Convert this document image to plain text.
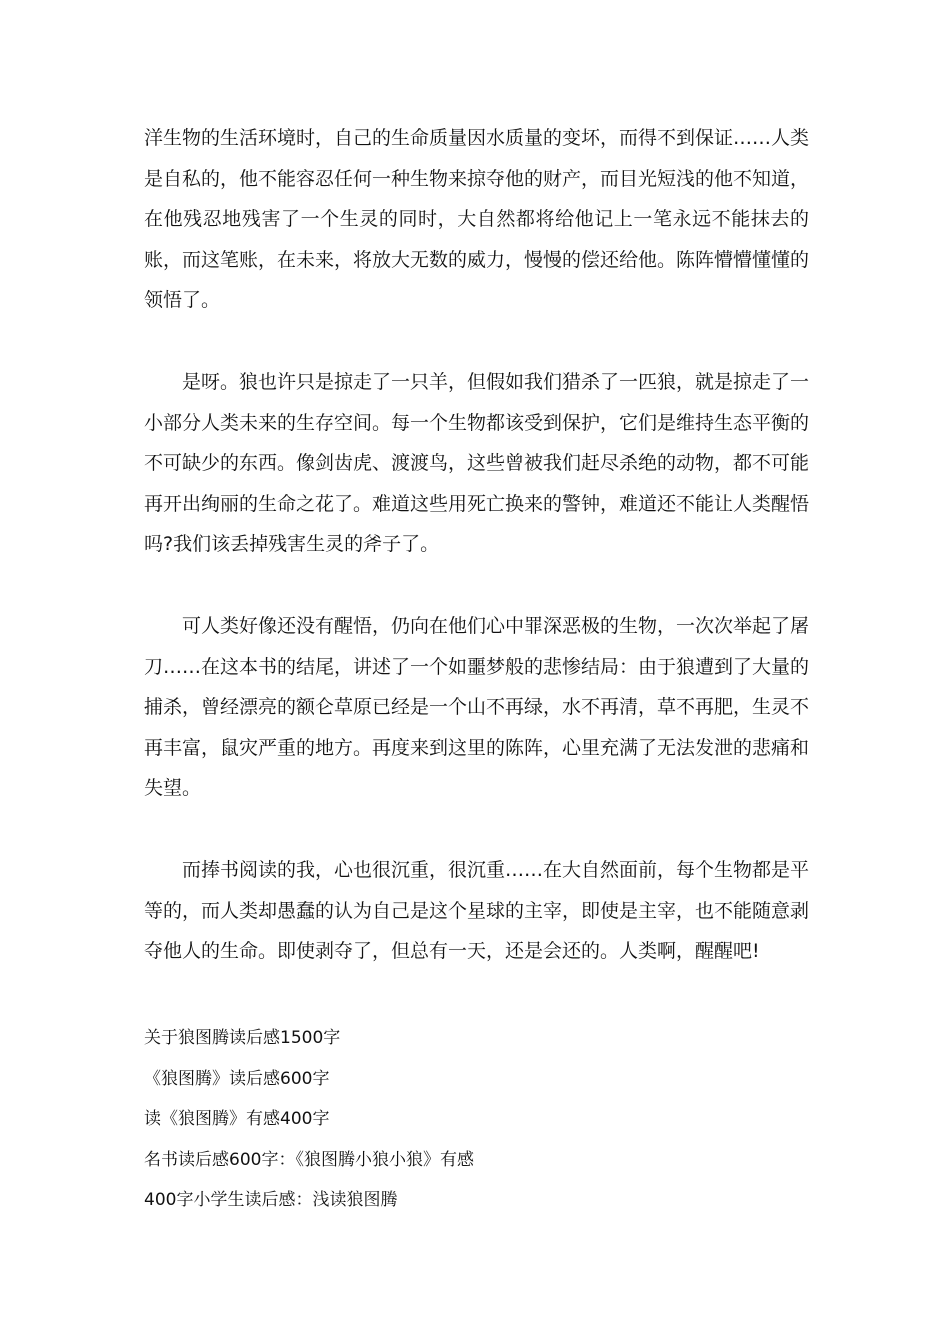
洋生物的生活环境时，自己的生命质量因水质量的变坏，而得不到保证……人类是自私的，他不能容忍任何一种生物来掠夺他的财产，而目光短浅的他不知道，在他残忍地残害了一个生灵的同时，大自然都将给他记上一笔永远不能抹去的账，而这笔账，在未来，将放大无数的威力，慢慢的偿还给他。陈阵懵懵懂懂的领悟了。

是呀。狼也许只是掠走了一只羊，但假如我们猎杀了一匹狼，就是掠走了一小部分人类未来的生存空间。每一个生物都该受到保护，它们是维持生态平衡的不可缺少的东西。像剑齿虎、渡渡鸟，这些曾被我们赶尽杀绝的动物，都不可能再开出绚丽的生命之花了。难道这些用死亡换来的警钟，难道还不能让人类醒悟吗?我们该丢掉残害生灵的斧子了。

可人类好像还没有醒悟，仍向在他们心中罪深恶极的生物，一次次举起了屠刀……在这本书的结尾，讲述了一个如噩梦般的悲惨结局：由于狼遭到了大量的捕杀，曾经漂亮的额仑草原已经是一个山不再绿，水不再清，草不再肥，生灵不再丰富，鼠灾严重的地方。再度来到这里的陈阵，心里充满了无法发泄的悲痛和失望。

而捧书阅读的我，心也很沉重，很沉重……在大自然面前，每个生物都是平等的，而人类却愚蠢的认为自己是这个星球的主宰，即使是主宰，也不能随意剥夺他人的生命。即使剥夺了，但总有一天，还是会还的。人类啊，醒醒吧!

关于狼图腾读后感1500字
《狼图腾》读后感600字
读《狼图腾》有感400字
名书读后感600字：《狼图腾小狼小狼》有感
400字小学生读后感：浅读狼图腾
